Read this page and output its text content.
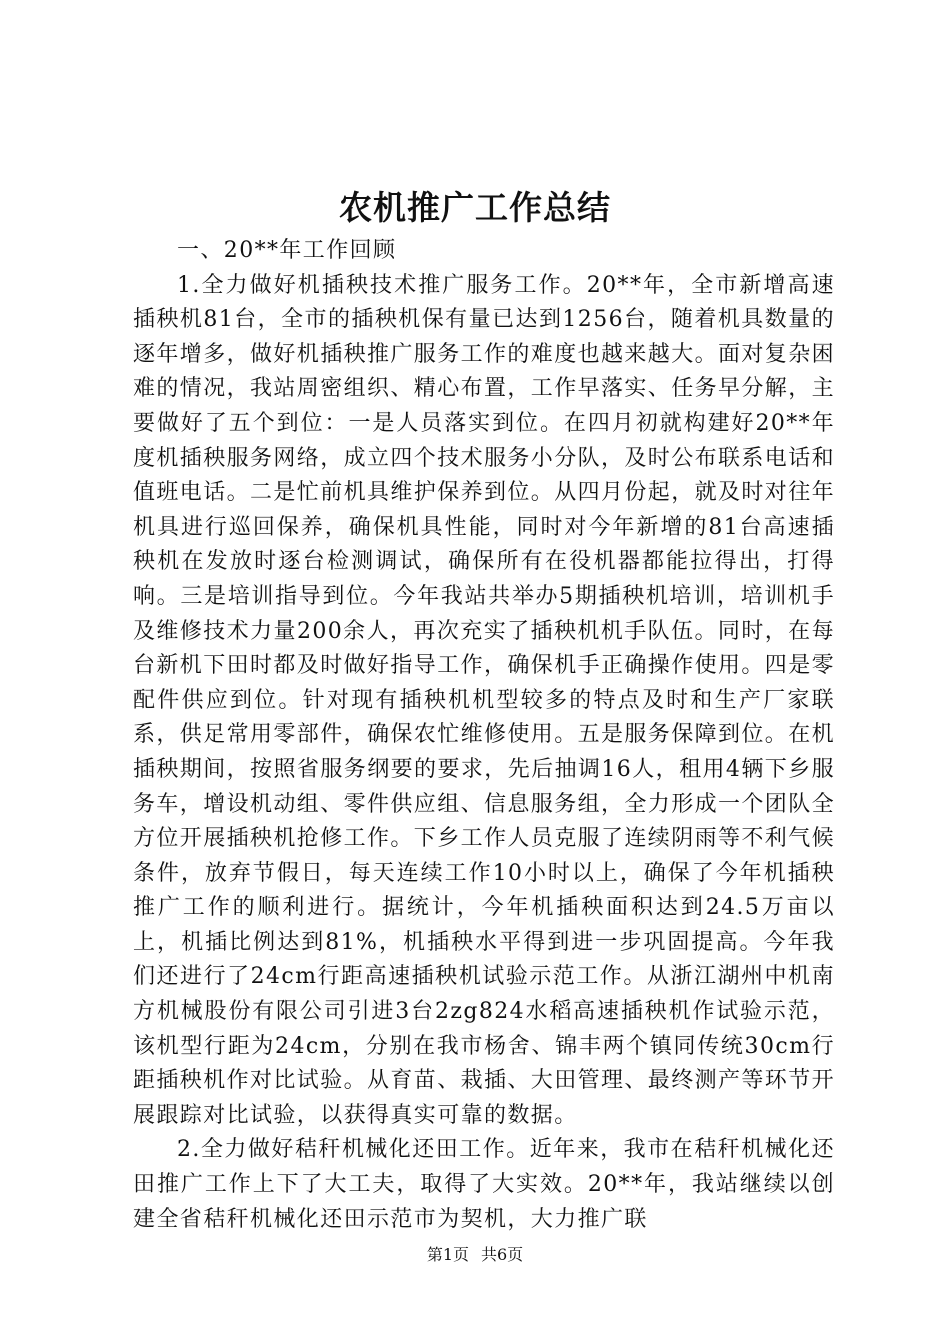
农机推广工作总结

一、20**年工作回顾

1.全力做好机插秧技术推广服务工作。20**年，全市新增高速插秧机81台，全市的插秧机保有量已达到1256台，随着机具数量的逐年增多，做好机插秧推广服务工作的难度也越来越大。面对复杂困难的情况，我站周密组织、精心布置，工作早落实、任务早分解，主要做好了五个到位：一是人员落实到位。在四月初就构建好20**年度机插秧服务网络，成立四个技术服务小分队，及时公布联系电话和值班电话。二是忙前机具维护保养到位。从四月份起，就及时对往年机具进行巡回保养，确保机具性能，同时对今年新增的81台高速插秧机在发放时逐台检测调试，确保所有在役机器都能拉得出，打得响。三是培训指导到位。今年我站共举办5期插秧机培训，培训机手及维修技术力量200余人，再次充实了插秧机机手队伍。同时，在每台新机下田时都及时做好指导工作，确保机手正确操作使用。四是零配件供应到位。针对现有插秧机机型较多的特点及时和生产厂家联系，供足常用零部件，确保农忙维修使用。五是服务保障到位。在机插秧期间，按照省服务纲要的要求，先后抽调16人，租用4辆下乡服务车，增设机动组、零件供应组、信息服务组，全力形成一个团队全方位开展插秧机抢修工作。下乡工作人员克服了连续阴雨等不利气候条件，放弃节假日，每天连续工作10小时以上，确保了今年机插秧推广工作的顺利进行。据统计，今年机插秧面积达到24.5万亩以上，机插比例达到81%，机插秧水平得到进一步巩固提高。今年我们还进行了24cm行距高速插秧机试验示范工作。从浙江湖州中机南方机械股份有限公司引进3台2zg824水稻高速插秧机作试验示范，该机型行距为24cm，分别在我市杨舍、锦丰两个镇同传统30cm行距插秧机作对比试验。从育苗、栽插、大田管理、最终测产等环节开展跟踪对比试验，以获得真实可靠的数据。

2.全力做好秸秆机械化还田工作。近年来，我市在秸秆机械化还田推广工作上下了大工夫，取得了大实效。20**年，我站继续以创建全省秸秆机械化还田示范市为契机，大力推广联

第1页 共6页
